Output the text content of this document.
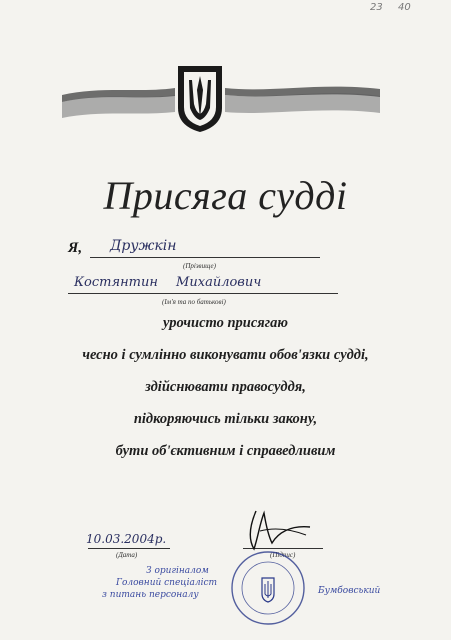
23 40
Присяга судді
Я, Дружкін
(Прізвище)
Костянтин Михайлович
(Ім'я та по батькові)
урочисто присягаю
чесно і сумлінно виконувати обов'язки судді,
здійснювати правосуддя,
підкоряючись тільки закону,
бути об'єктивним і справедливим
10.03.2004р.
(Дата)	(Підпис)
З оригіналом
Головний спеціаліст
з питань персоналу	Бумбовський
